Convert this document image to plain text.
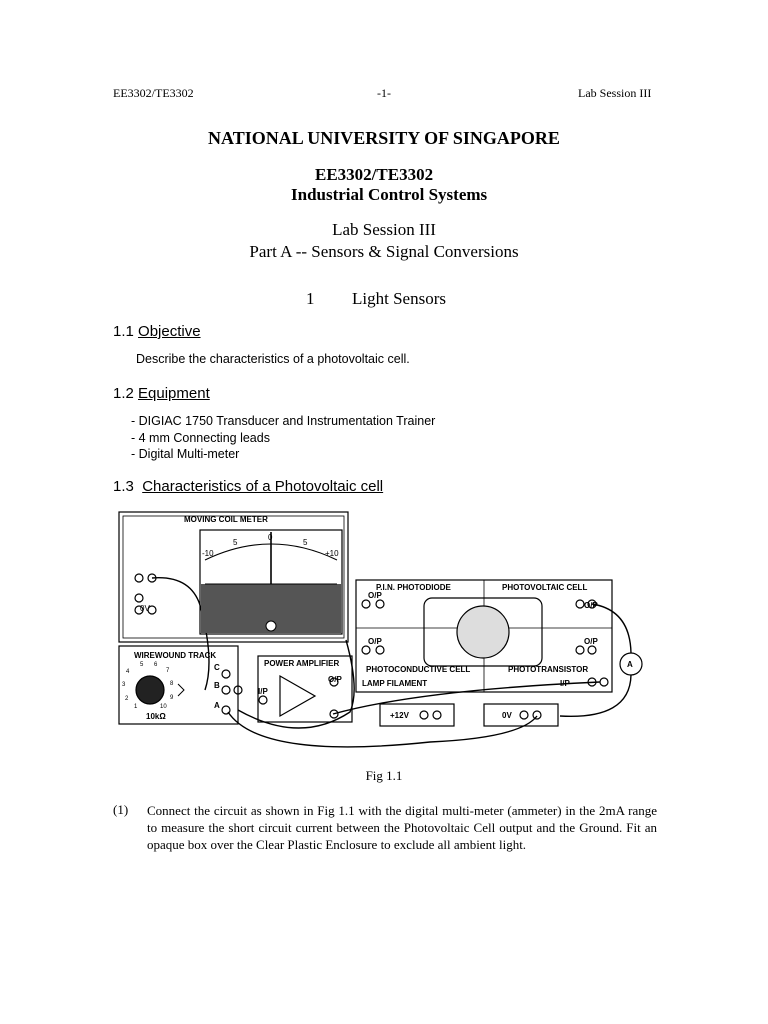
EE3302/TE3302	-1-	Lab Session III
NATIONAL UNIVERSITY OF SINGAPORE
EE3302/TE3302
Industrial Control Systems
Lab Session III
Part A -- Sensors & Signal Conversions
1 Light Sensors
1.1 Objective
Describe the characteristics of a photovoltaic cell.
1.2 Equipment
- DIGIAC 1750 Transducer and Instrumentation Trainer
- 4 mm Connecting leads
- Digital Multi-meter
1.3 Characteristics of a Photovoltaic cell
MOVING COIL METER
-10
5
0
5
+10
0V
WIREWOUND TRACK
POWER AMPLIFIER
P.I.N. PHOTODIODE	PHOTOVOLTAIC CELL
PHOTOCONDUCTIVE CELL	PHOTOTRANSISTOR
LAMP FILAMENT
O/P
O/P
O/P
O/P
O/P
I/P
I/P
+12V	0V
A
C
B
A
10kΩ
1
2
3
4
5 6
7
8
9
10
Fig 1.1
(1) Connect the circuit as shown in Fig 1.1 with the digital multi-meter (ammeter) in the 2mA range to measure the short circuit current between the Photovoltaic Cell output and the Ground. Fit an opaque box over the Clear Plastic Enclosure to exclude all ambient light.
